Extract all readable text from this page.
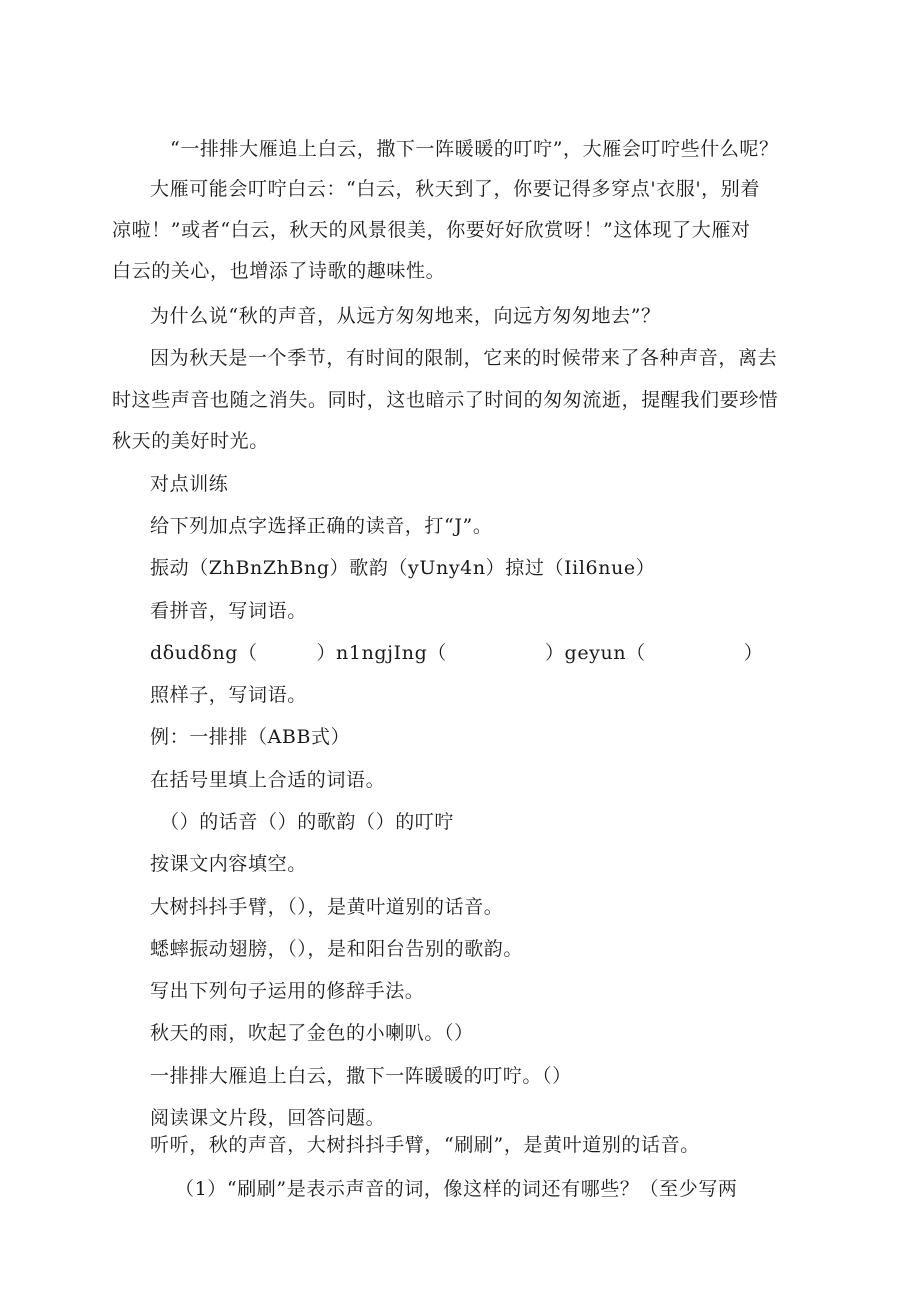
“一排排大雁追上白云，撒下一阵暖暖的叮咛”，大雁会叮咛些什么呢？

大雁可能会叮咛白云：“白云，秋天到了，你要记得多穿点'衣服'，别着

凉啦！”或者“白云，秋天的风景很美，你要好好欣赏呀！”这体现了大雁对

白云的关心，也增添了诗歌的趣味性。

为什么说“秋的声音，从远方匆匆地来，向远方匆匆地去”？

因为秋天是一个季节，有时间的限制，它来的时候带来了各种声音，离去

时这些声音也随之消失。同时，这也暗示了时间的匆匆流逝，提醒我们要珍惜

秋天的美好时光。

对点训练

给下列加点字选择正确的读音，打“J”。

振动（ZhBnZhBng）歌韵（yUny4n）掠过（Iil6nue）

看拼音，写词语。

dδudδng（　　　）n1ngjIng（　　　　　）geyun（　　　　　）

照样子，写词语。

例：一排排（ABB式）

在括号里填上合适的词语。

（）的话音（）的歌韵（）的叮咛

按课文内容填空。

大树抖抖手臂，（），是黄叶道别的话音。

蟋蟀振动翅膀，（），是和阳台告别的歌韵。

写出下列句子运用的修辞手法。

秋天的雨，吹起了金色的小喇叭。（）

一排排大雁追上白云，撒下一阵暖暖的叮咛。（）

阅读课文片段，回答问题。

听听，秋的声音，大树抖抖手臂，“刷刷”，是黄叶道别的话音。

（1）“刷刷”是表示声音的词，像这样的词还有哪些？（至少写两
